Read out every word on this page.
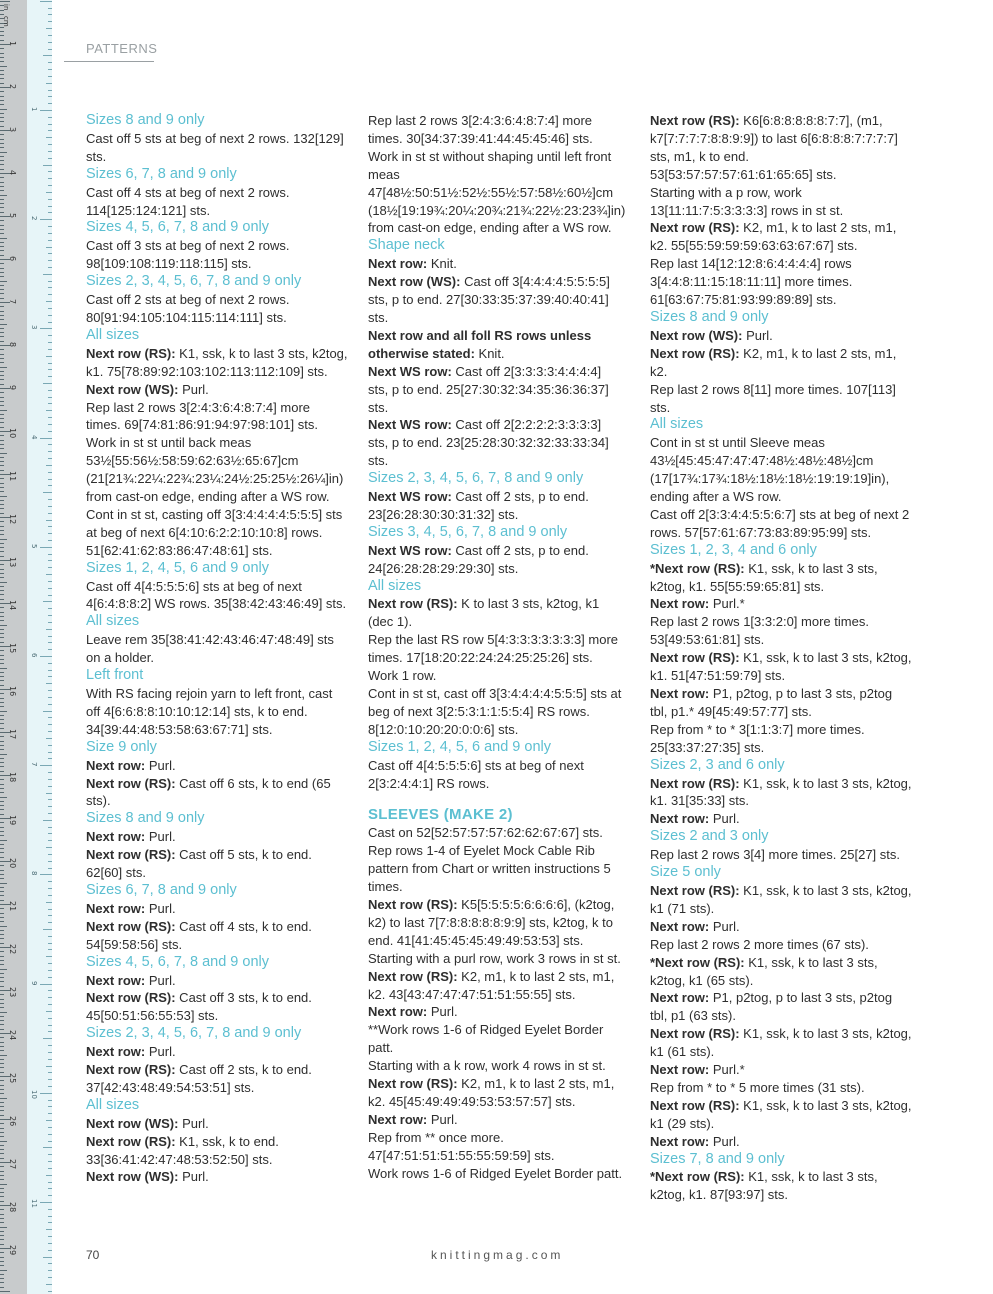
1
2
3
4
5
6
7
8
9
10
11
12
13
14
15
16
17
18
19
20
21
22
23
24
25
26
27
28
29
1
2
3
4
5
6
7
8
9
10
11
in
cm
PATTERNS

Sizes 8 and 9 only

Cast off 5 sts at beg of next 2 rows. 132[129] sts.

Sizes 6, 7, 8 and 9 only

Cast off 4 sts at beg of next 2 rows. 114[125:124:121] sts.

Sizes 4, 5, 6, 7, 8 and 9 only

Cast off 3 sts at beg of next 2 rows. 98[109:108:119:118:115] sts.

Sizes 2, 3, 4, 5, 6, 7, 8 and 9 only

Cast off 2 sts at beg of next 2 rows. 80[91:94:105:104:115:114:111] sts.

All sizes

Next row (RS): K1, ssk, k to last 3 sts, k2tog, k1. 75[78:89:92:103:102:113:112:109] sts.

Next row (WS): Purl.

Rep last 2 rows 3[2:4:3:6:4:8:7:4] more times. 69[74:81:86:91:94:97:98:101] sts.

Work in st st until back meas 53½[55:56½:58:59:62:63½:65:67]cm (21[21¾:22¼:22¾:23¼:24½:25:25½:26¼]in) from cast-on edge, ending after a WS row.

Cont in st st, casting off 3[3:4:4:4:4:5:5:5] sts at beg of next 6[4:10:6:2:2:10:10:8] rows. 51[62:41:62:83:86:47:48:61] sts.

Sizes 1, 2, 4, 5, 6 and 9 only

Cast off 4[4:5:5:5:6] sts at beg of next 4[6:4:8:8:2] WS rows. 35[38:42:43:46:49] sts.

All sizes

Leave rem 35[38:41:42:43:46:47:48:49] sts on a holder.

Left front

With RS facing rejoin yarn to left front, cast off 4[6:6:8:8:10:10:12:14] sts, k to end. 34[39:44:48:53:58:63:67:71] sts.

Size 9 only

Next row: Purl.

Next row (RS): Cast off 6 sts, k to end (65 sts).

Sizes 8 and 9 only

Next row: Purl.

Next row (RS): Cast off 5 sts, k to end. 62[60] sts.

Sizes 6, 7, 8 and 9 only

Next row: Purl.

Next row (RS): Cast off 4 sts, k to end. 54[59:58:56] sts.

Sizes 4, 5, 6, 7, 8 and 9 only

Next row: Purl.

Next row (RS): Cast off 3 sts, k to end. 45[50:51:56:55:53] sts.

Sizes 2, 3, 4, 5, 6, 7, 8 and 9 only

Next row: Purl.

Next row (RS): Cast off 2 sts, k to end. 37[42:43:48:49:54:53:51] sts.

All sizes

Next row (WS): Purl.

Next row (RS): K1, ssk, k to end. 33[36:41:42:47:48:53:52:50] sts.

Next row (WS): Purl.

Rep last 2 rows 3[2:4:3:6:4:8:7:4] more times. 30[34:37:39:41:44:45:45:46] sts.

Work in st st without shaping until left front meas 47[48½:50:51½:52½:55½:57:58½:60½]cm (18½[19:19¾:20¼:20¾:21¾:22½:23:23¾]in) from cast-on edge, ending after a WS row.

Shape neck

Next row: Knit.

Next row (WS): Cast off 3[4:4:4:4:5:5:5:5] sts, p to end. 27[30:33:35:37:39:40:40:41] sts.

Next row and all foll RS rows unless otherwise stated: Knit.

Next WS row: Cast off 2[3:3:3:3:4:4:4:4] sts, p to end. 25[27:30:32:34:35:36:36:37] sts.

Next WS row: Cast off 2[2:2:2:2:3:3:3:3] sts, p to end. 23[25:28:30:32:32:33:33:34] sts.

Sizes 2, 3, 4, 5, 6, 7, 8 and 9 only

Next WS row: Cast off 2 sts, p to end. 23[26:28:30:30:31:32] sts.

Sizes 3, 4, 5, 6, 7, 8 and 9 only

Next WS row: Cast off 2 sts, p to end. 24[26:28:28:29:29:30] sts.

All sizes

Next row (RS): K to last 3 sts, k2tog, k1 (dec 1).

Rep the last RS row 5[4:3:3:3:3:3:3:3] more times. 17[18:20:22:24:24:25:25:26] sts.

Work 1 row.

Cont in st st, cast off 3[3:4:4:4:4:5:5:5] sts at beg of next 3[2:5:3:1:1:5:5:4] RS rows. 8[12:0:10:20:20:0:0:6] sts.

Sizes 1, 2, 4, 5, 6 and 9 only

Cast off 4[4:5:5:5:6] sts at beg of next 2[3:2:4:4:1] RS rows.

SLEEVES (MAKE 2)

Cast on 52[52:57:57:57:62:62:67:67] sts.

Rep rows 1-4 of Eyelet Mock Cable Rib pattern from Chart or written instructions 5 times.

Next row (RS): K5[5:5:5:5:6:6:6:6], (k2tog, k2) to last 7[7:8:8:8:8:8:9:9] sts, k2tog, k to end. 41[41:45:45:45:49:49:53:53] sts.

Starting with a purl row, work 3 rows in st st.

Next row (RS): K2, m1, k to last 2 sts, m1, k2. 43[43:47:47:47:51:51:55:55] sts.

Next row: Purl.

**Work rows 1-6 of Ridged Eyelet Border patt.

Starting with a k row, work 4 rows in st st.

Next row (RS): K2, m1, k to last 2 sts, m1, k2. 45[45:49:49:49:53:53:57:57] sts.

Next row: Purl.

Rep from ** once more. 47[47:51:51:51:55:55:59:59] sts.

Work rows 1-6 of Ridged Eyelet Border patt.

Next row (RS): K6[6:8:8:8:8:8:7:7], (m1, k7[7:7:7:7:8:8:9:9]) to last 6[6:8:8:8:7:7:7:7] sts, m1, k to end. 53[53:57:57:57:61:61:65:65] sts.

Starting with a p row, work 13[11:11:7:5:3:3:3:3] rows in st st.

Next row (RS): K2, m1, k to last 2 sts, m1, k2. 55[55:59:59:59:63:63:67:67] sts.

Rep last 14[12:12:8:6:4:4:4:4] rows 3[4:4:8:11:15:18:11:11] more times. 61[63:67:75:81:93:99:89:89] sts.

Sizes 8 and 9 only

Next row (WS): Purl.

Next row (RS): K2, m1, k to last 2 sts, m1, k2.

Rep last 2 rows 8[11] more times. 107[113] sts.

All sizes

Cont in st st until Sleeve meas 43½[45:45:47:47:47:48½:48½:48½]cm (17[17¾:17¾:18½:18½:18½:19:19:19]in), ending after a WS row.

Cast off 2[3:3:4:4:5:5:6:7] sts at beg of next 2 rows. 57[57:61:67:73:83:89:95:99] sts.

Sizes 1, 2, 3, 4 and 6 only

*Next row (RS): K1, ssk, k to last 3 sts, k2tog, k1. 55[55:59:65:81] sts.

Next row: Purl.*

Rep last 2 rows 1[3:3:2:0] more times. 53[49:53:61:81] sts.

Next row (RS): K1, ssk, k to last 3 sts, k2tog, k1. 51[47:51:59:79] sts.

Next row: P1, p2tog, p to last 3 sts, p2tog tbl, p1.* 49[45:49:57:77] sts.

Rep from * to * 3[1:1:3:7] more times. 25[33:37:27:35] sts.

Sizes 2, 3 and 6 only

Next row (RS): K1, ssk, k to last 3 sts, k2tog, k1. 31[35:33] sts.

Next row: Purl.

Sizes 2 and 3 only

Rep last 2 rows 3[4] more times. 25[27] sts.

Size 5 only

Next row (RS): K1, ssk, k to last 3 sts, k2tog, k1 (71 sts).

Next row: Purl.

Rep last 2 rows 2 more times (67 sts).

*Next row (RS): K1, ssk, k to last 3 sts, k2tog, k1 (65 sts).

Next row: P1, p2tog, p to last 3 sts, p2tog tbl, p1 (63 sts).

Next row (RS): K1, ssk, k to last 3 sts, k2tog, k1 (61 sts).

Next row: Purl.*

Rep from * to * 5 more times (31 sts).

Next row (RS): K1, ssk, k to last 3 sts, k2tog, k1 (29 sts).

Next row: Purl.

Sizes 7, 8 and 9 only

*Next row (RS): K1, ssk, k to last 3 sts, k2tog, k1. 87[93:97] sts.

70	knittingmag.com
